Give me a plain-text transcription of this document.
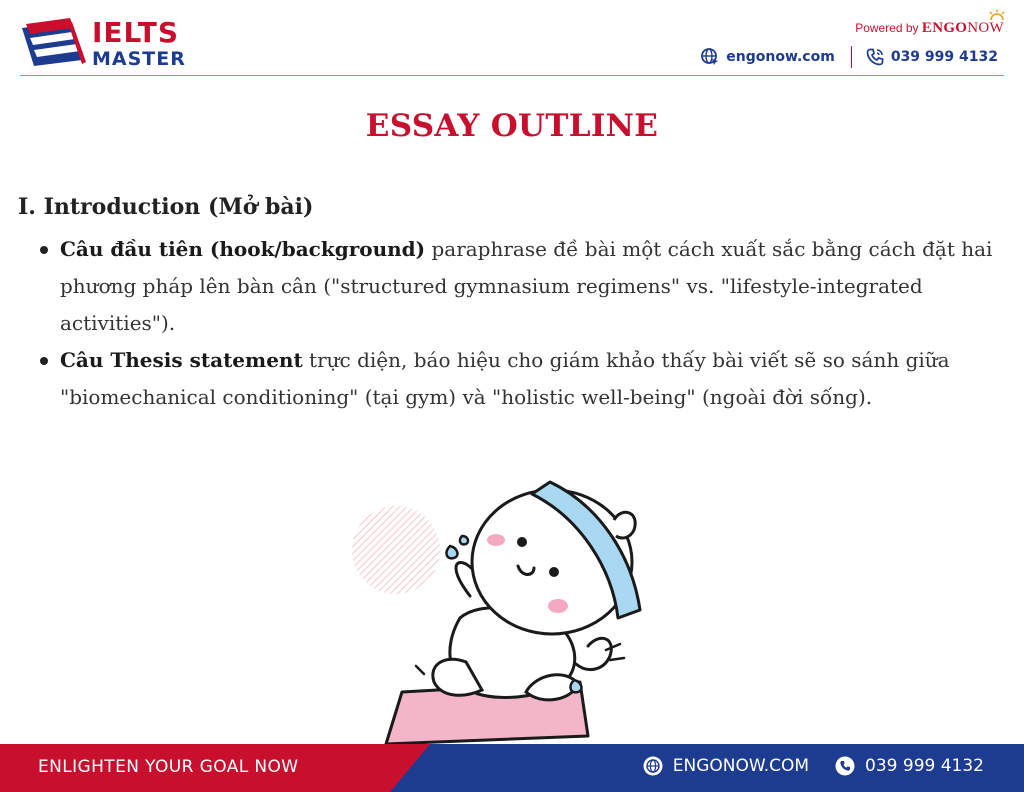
IELTS
MASTER
Powered by ENGONOW
engonow.com	039 999 4132
ESSAY OUTLINE
I. Introduction (Mở bài)
Câu đầu tiên (hook/background) paraphrase đề bài một cách xuất sắc bằng cách đặt hai phương pháp lên bàn cân ("structured gymnasium regimens" vs. "lifestyle-integrated activities").
Câu Thesis statement trực diện, báo hiệu cho giám khảo thấy bài viết sẽ so sánh giữa "biomechanical conditioning" (tại gym) và "holistic well-being" (ngoài đời sống).
ENLIGHTEN YOUR GOAL NOW	ENGONOW.COM	039 999 4132
